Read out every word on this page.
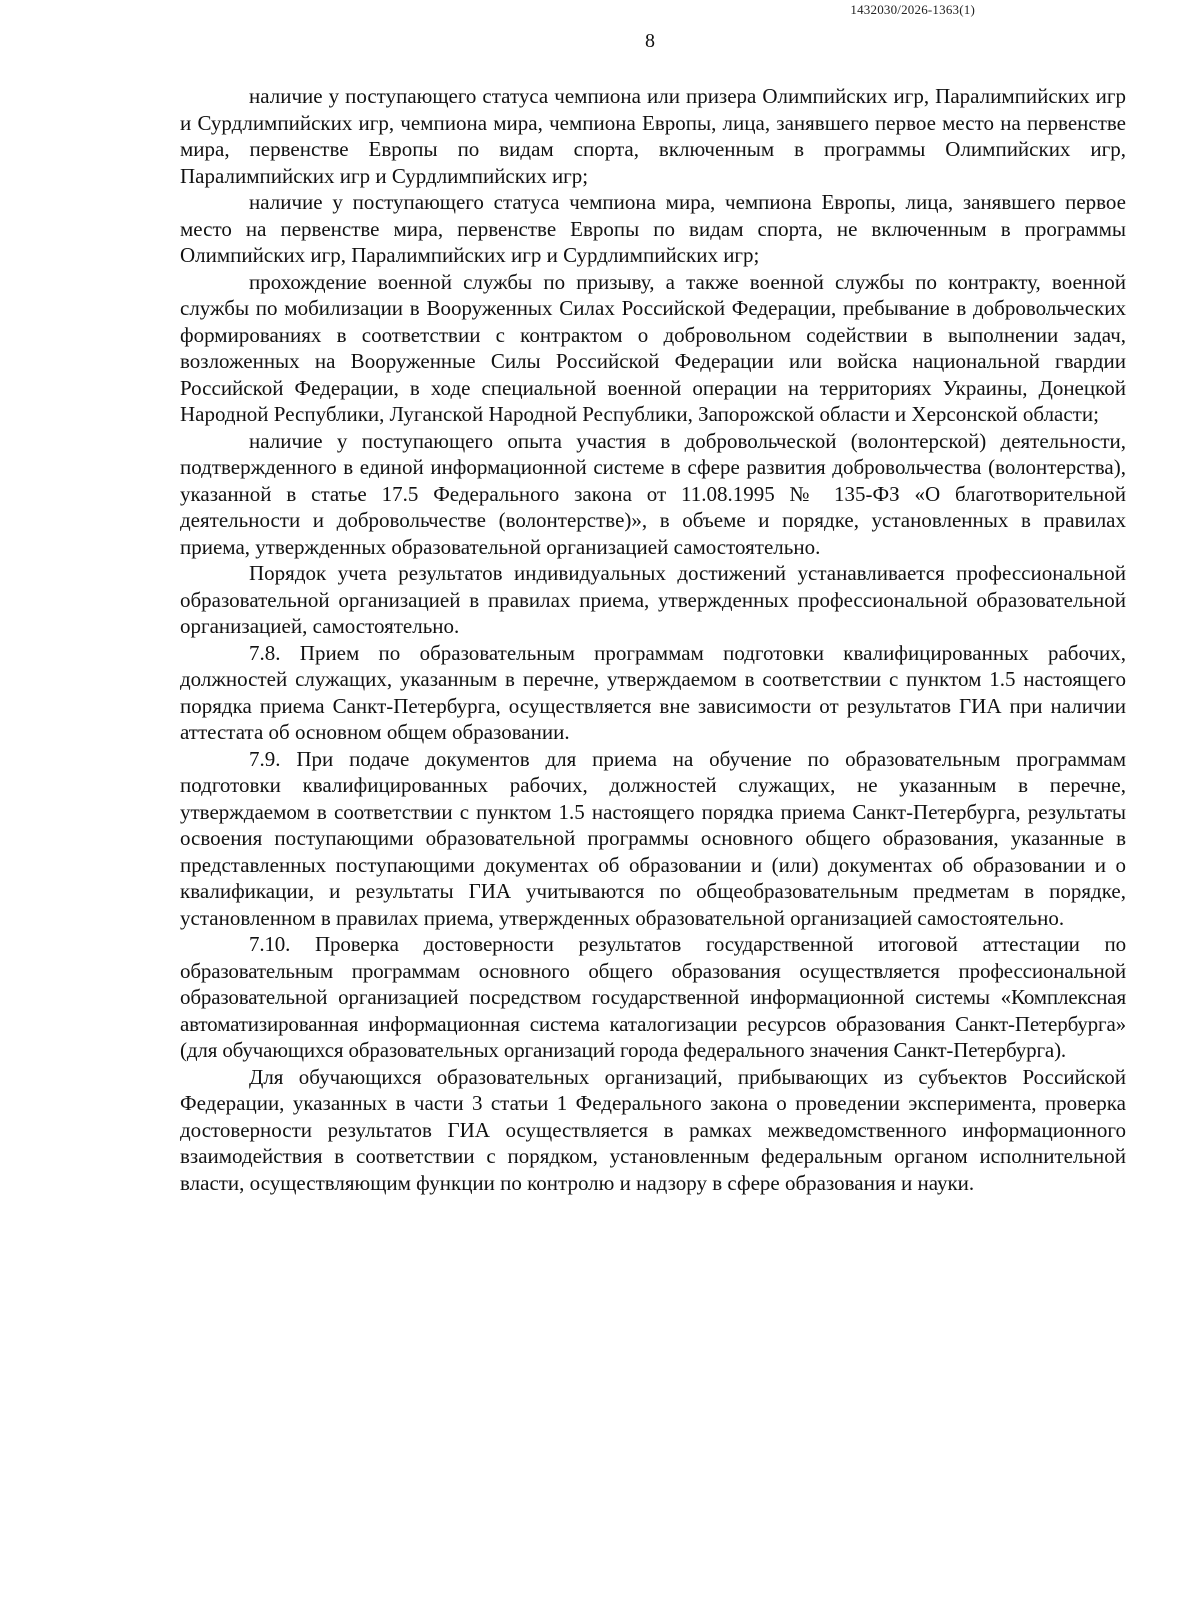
1432030/2026-1363(1)
8

наличие у поступающего статуса чемпиона или призера Олимпийских игр, Паралимпийских игр и Сурдлимпийских игр, чемпиона мира, чемпиона Европы, лица, занявшего первое место на первенстве мира, первенстве Европы по видам спорта, включенным в программы Олимпийских игр, Паралимпийских игр и Сурдлимпийских игр;

наличие у поступающего статуса чемпиона мира, чемпиона Европы, лица, занявшего первое место на первенстве мира, первенстве Европы по видам спорта, не включенным в программы Олимпийских игр, Паралимпийских игр и Сурдлимпийских игр;

прохождение военной службы по призыву, а также военной службы по контракту, военной службы по мобилизации в Вооруженных Силах Российской Федерации, пребывание в добровольческих формированиях в соответствии с контрактом о добровольном содействии в выполнении задач, возложенных на Вооруженные Силы Российской Федерации или войска национальной гвардии Российской Федерации, в ходе специальной военной операции на территориях Украины, Донецкой Народной Республики, Луганской Народной Республики, Запорожской области и Херсонской области;

наличие у поступающего опыта участия в добровольческой (волонтерской) деятельности, подтвержденного в единой информационной системе в сфере развития добровольчества (волонтерства), указанной в статье 17.5 Федерального закона от 11.08.1995 № 135-ФЗ «О благотворительной деятельности и добровольчестве (волонтерстве)», в объеме и порядке, установленных в правилах приема, утвержденных образовательной организацией самостоятельно.

Порядок учета результатов индивидуальных достижений устанавливается профессиональной образовательной организацией в правилах приема, утвержденных профессиональной образовательной организацией, самостоятельно.

7.8. Прием по образовательным программам подготовки квалифицированных рабочих, должностей служащих, указанным в перечне, утверждаемом в соответствии с пунктом 1.5 настоящего порядка приема Санкт-Петербурга, осуществляется вне зависимости от результатов ГИА при наличии аттестата об основном общем образовании.

7.9. При подаче документов для приема на обучение по образовательным программам подготовки квалифицированных рабочих, должностей служащих, не указанным в перечне, утверждаемом в соответствии с пунктом 1.5 настоящего порядка приема Санкт-Петербурга, результаты освоения поступающими образовательной программы основного общего образования, указанные в представленных поступающими документах об образовании и (или) документах об образовании и о квалификации, и результаты ГИА учитываются по общеобразовательным предметам в порядке, установленном в правилах приема, утвержденных образовательной организацией самостоятельно.

7.10. Проверка достоверности результатов государственной итоговой аттестации по образовательным программам основного общего образования осуществляется профессиональной образовательной организацией посредством государственной информационной системы «Комплексная автоматизированная информационная система каталогизации ресурсов образования Санкт-Петербурга» (для обучающихся образовательных организаций города федерального значения Санкт-Петербурга).

Для обучающихся образовательных организаций, прибывающих из субъектов Российской Федерации, указанных в части 3 статьи 1 Федерального закона о проведении эксперимента, проверка достоверности результатов ГИА осуществляется в рамках межведомственного информационного взаимодействия в соответствии с порядком, установленным федеральным органом исполнительной власти, осуществляющим функции по контролю и надзору в сфере образования и науки.
